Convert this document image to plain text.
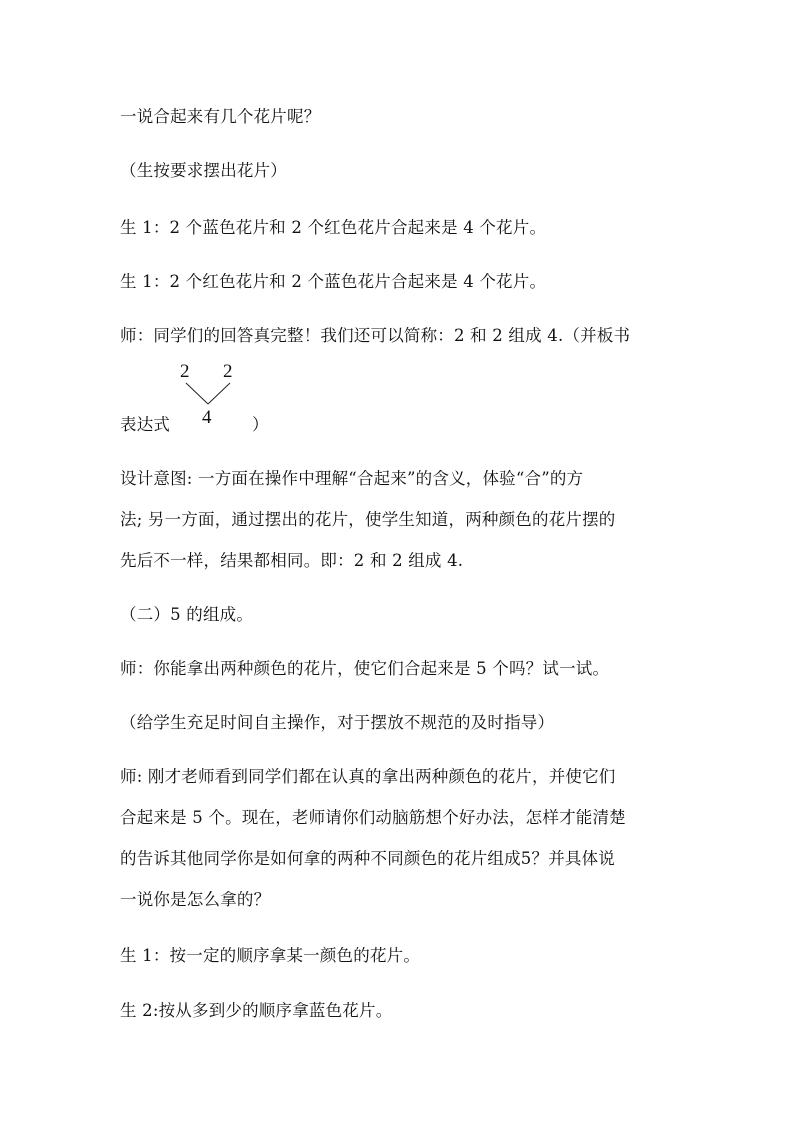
一说合起来有几个花片呢？
（生按要求摆出花片）
生 1：2 个蓝色花片和 2 个红色花片合起来是 4 个花片。
生 1：2 个红色花片和 2 个蓝色花片合起来是 4 个花片。
师：同学们的回答真完整！我们还可以简称：2 和 2 组成 4.（并板书
2 2
4
表达式	）
设计意图: 一方面在操作中理解“合起来”的含义，体验“合”的方
法; 另一方面，通过摆出的花片，使学生知道，两种颜色的花片摆的
先后不一样，结果都相同。即：2 和 2 组成 4.
（二）5 的组成。
师：你能拿出两种颜色的花片，使它们合起来是 5 个吗？试一试。
（给学生充足时间自主操作，对于摆放不规范的及时指导）
师: 刚才老师看到同学们都在认真的拿出两种颜色的花片，并使它们
合起来是 5 个。现在，老师请你们动脑筋想个好办法，怎样才能清楚
的告诉其他同学你是如何拿的两种不同颜色的花片组成5？并具体说
一说你是怎么拿的？
生 1：按一定的顺序拿某一颜色的花片。
生 2:按从多到少的顺序拿蓝色花片。
